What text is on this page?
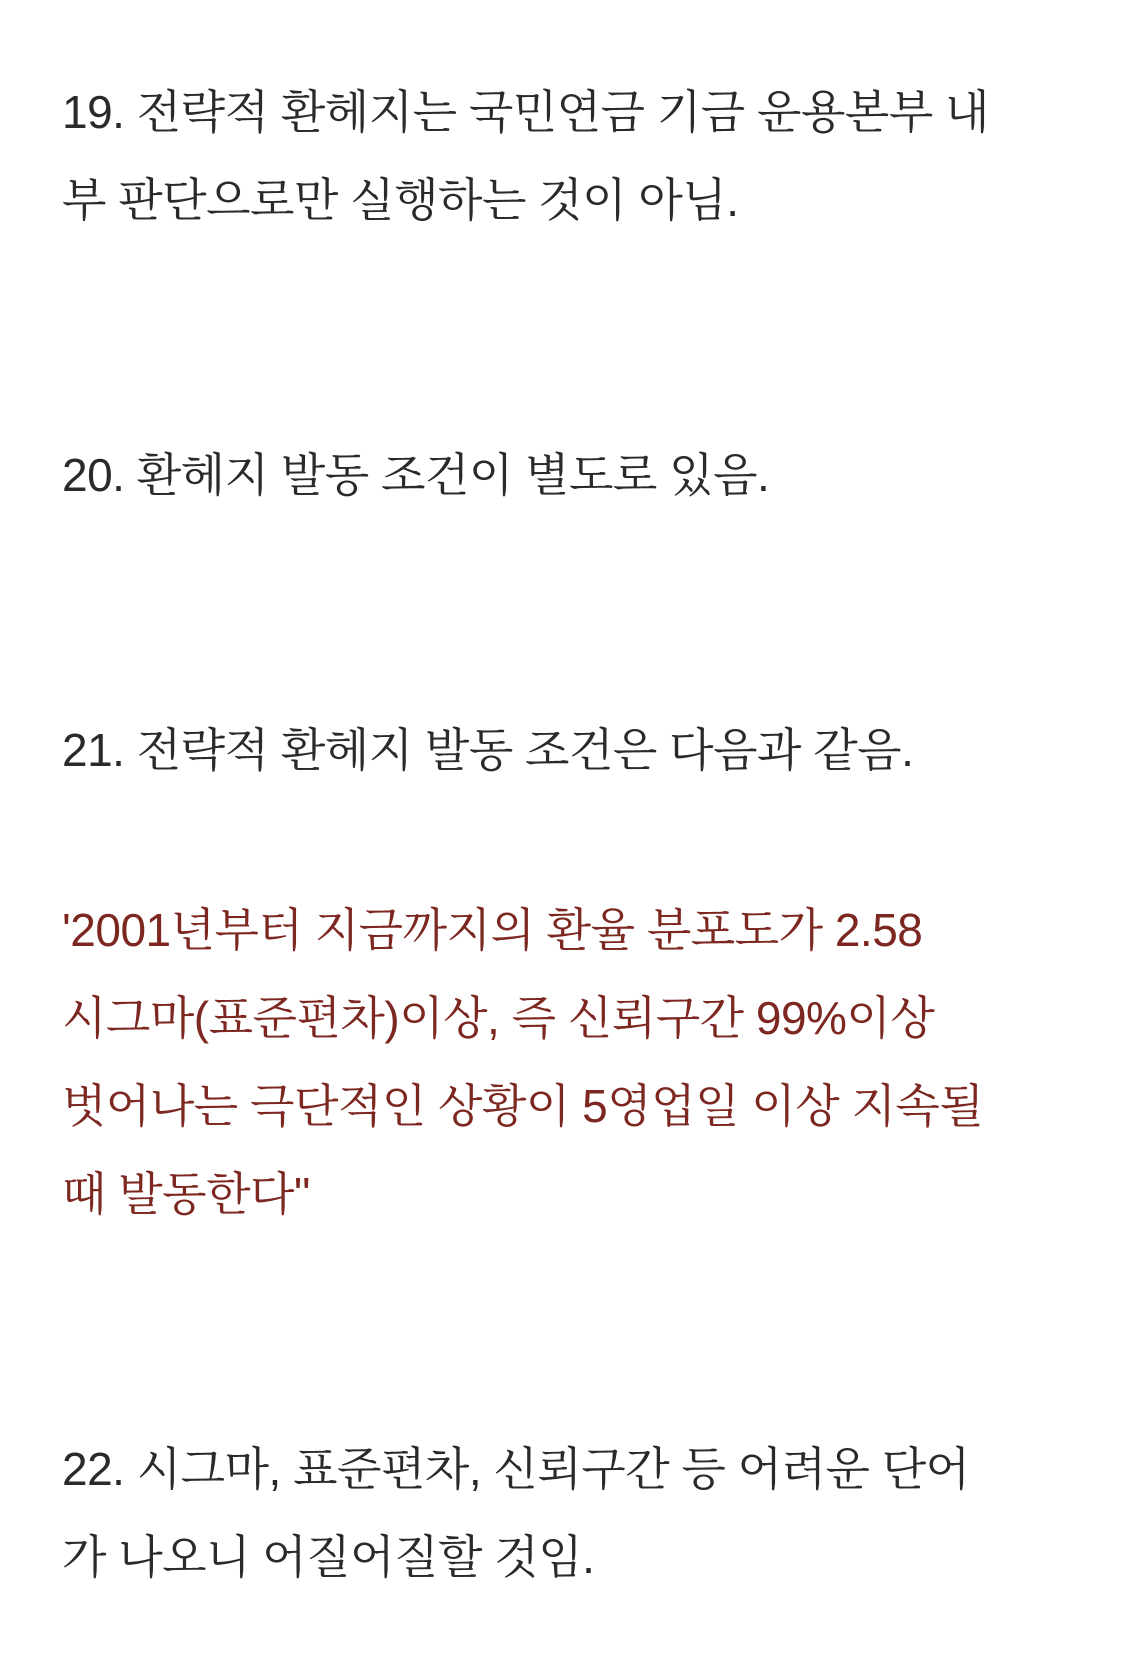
19. 전략적 환헤지는 국민연금 기금 운용본부 내
부 판단으로만 실행하는 것이 아님.
20. 환헤지 발동 조건이 별도로 있음.
21. 전략적 환헤지 발동 조건은 다음과 같음.
'2001년부터 지금까지의 환율 분포도가 2.58
시그마(표준편차)이상, 즉 신뢰구간 99%이상
벗어나는 극단적인 상황이 5영업일 이상 지속될
때 발동한다"
22. 시그마, 표준편차, 신뢰구간 등 어려운 단어
가 나오니 어질어질할 것임.
